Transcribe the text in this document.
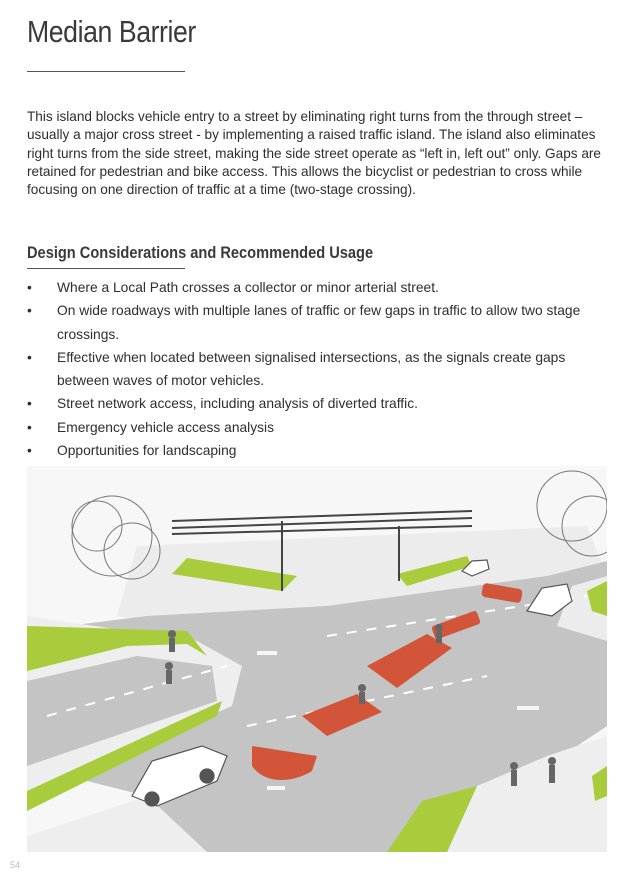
Median Barrier

This island blocks vehicle entry to a street by eliminating right turns from the through street – usually a major cross street - by implementing a raised traffic island. The island also eliminates right turns from the side street, making the side street operate as “left in, left out” only. Gaps are retained for pedestrian and bike access. This allows the bicyclist or pedestrian to cross while focusing on one direction of traffic at a time (two-stage crossing).

Design Considerations and Recommended Usage
• Where a Local Path crosses a collector or minor arterial street.
• On wide roadways with multiple lanes of traffic or few gaps in traffic to allow two stage crossings.
• Effective when located between signalised intersections, as the signals create gaps between waves of motor vehicles.
• Street network access, including analysis of diverted traffic.
• Emergency vehicle access analysis
• Opportunities for landscaping
54
